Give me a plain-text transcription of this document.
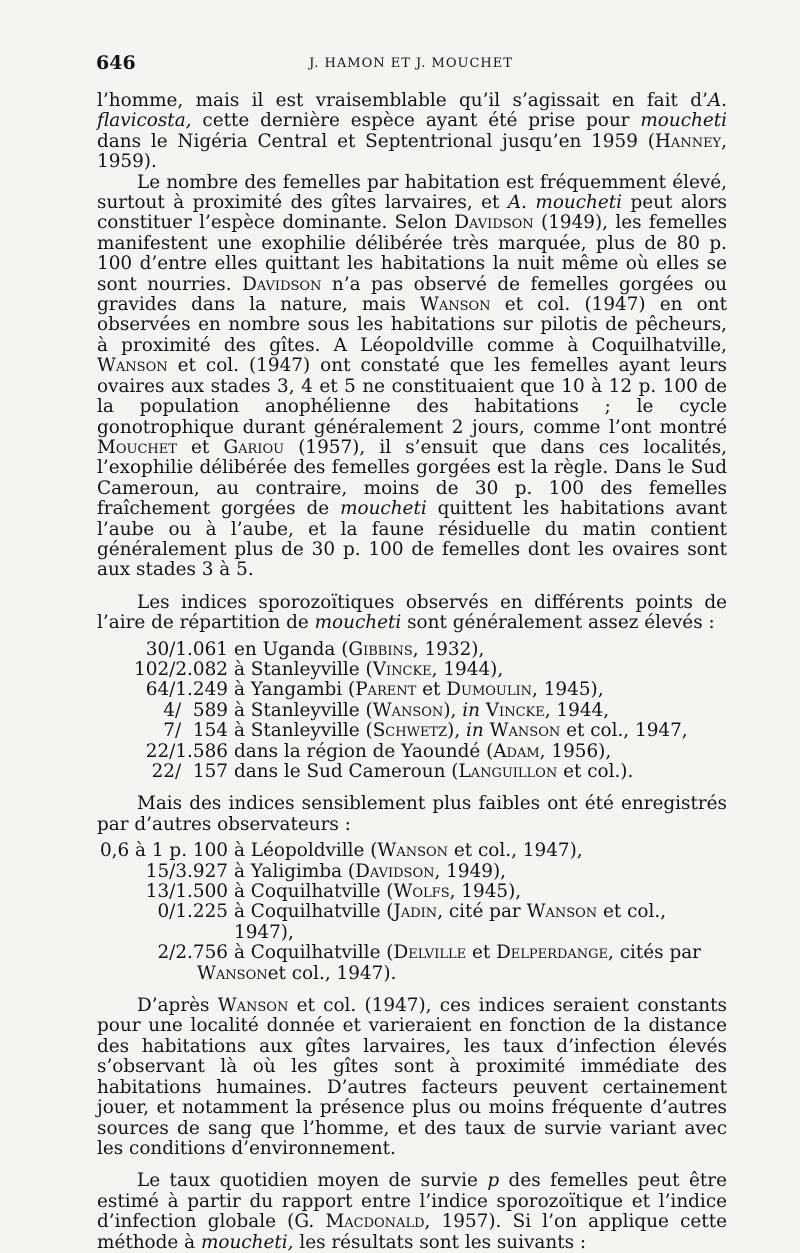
646	J. HAMON ET J. MOUCHET

l’homme, mais il est vraisemblable qu’il s’agissait en fait d’A. flavicosta, cette dernière espèce ayant été prise pour moucheti dans le Nigéria Central et Septentrional jusqu’en 1959 (Hanney, 1959).

Le nombre des femelles par habitation est fréquemment élevé, surtout à proximité des gîtes larvaires, et A. moucheti peut alors constituer l’espèce dominante. Selon Davidson (1949), les femelles manifestent une exophilie délibérée très marquée, plus de 80 p. 100 d’entre elles quittant les habitations la nuit même où elles se sont nourries. Davidson n’a pas observé de femelles gorgées ou gravides dans la nature, mais Wanson et col. (1947) en ont observées en nombre sous les habitations sur pilotis de pêcheurs, à proximité des gîtes. A Léopoldville comme à Coquilhatville, Wanson et col. (1947) ont constaté que les femelles ayant leurs ovaires aux stades 3, 4 et 5 ne constituaient que 10 à 12 p. 100 de la population anophélienne des habitations ; le cycle gonotrophique durant généralement 2 jours, comme l’ont montré Mouchet et Gariou (1957), il s’ensuit que dans ces localités, l’exophilie délibérée des femelles gorgées est la règle. Dans le Sud Cameroun, au contraire, moins de 30 p. 100 des femelles fraîchement gorgées de moucheti quittent les habitations avant l’aube ou à l’aube, et la faune résiduelle du matin contient généralement plus de 30 p. 100 de femelles dont les ovaires sont aux stades 3 à 5.

Les indices sporozoïtiques observés en différents points de l’aire de répartition de moucheti sont généralement assez élevés :

30/1.061 en Uganda (Gibbins, 1932),
102/2.082 à Stanleyville (Vincke, 1944),
64/1.249 à Yangambi (Parent et Dumoulin, 1945),
4/  589 à Stanleyville (Wanson), in Vincke, 1944,
7/  154 à Stanleyville (Schwetz), in Wanson et col., 1947,
22/1.586 dans la région de Yaoundé (Adam, 1956),
22/  157 dans le Sud Cameroun (Languillon et col.).

Mais des indices sensiblement plus faibles ont été enregistrés par d’autres observateurs :

0,6 à 1 p. 100 à Léopoldville (Wanson et col., 1947),
15/3.927 à Yaligimba (Davidson, 1949),
13/1.500 à Coquilhatville (Wolfs, 1945),
0/1.225 à Coquilhatville (Jadin, cité par Wanson et col., 1947),
2/2.756 à Coquilhatville (Delville et Delperdange, cités par
Wanson et col., 1947).

D’après Wanson et col. (1947), ces indices seraient constants pour une localité donnée et varieraient en fonction de la distance des habitations aux gîtes larvaires, les taux d’infection élevés s’observant là où les gîtes sont à proximité immédiate des habitations humaines. D’autres facteurs peuvent certainement jouer, et notamment la présence plus ou moins fréquente d’autres sources de sang que l’homme, et des taux de survie variant avec les conditions d’environnement.

Le taux quotidien moyen de survie p des femelles peut être estimé à partir du rapport entre l’indice sporozoïtique et l’indice d’infection globale (G. Macdonald, 1957). Si l’on applique cette méthode à moucheti, les résultats sont les suivants :
